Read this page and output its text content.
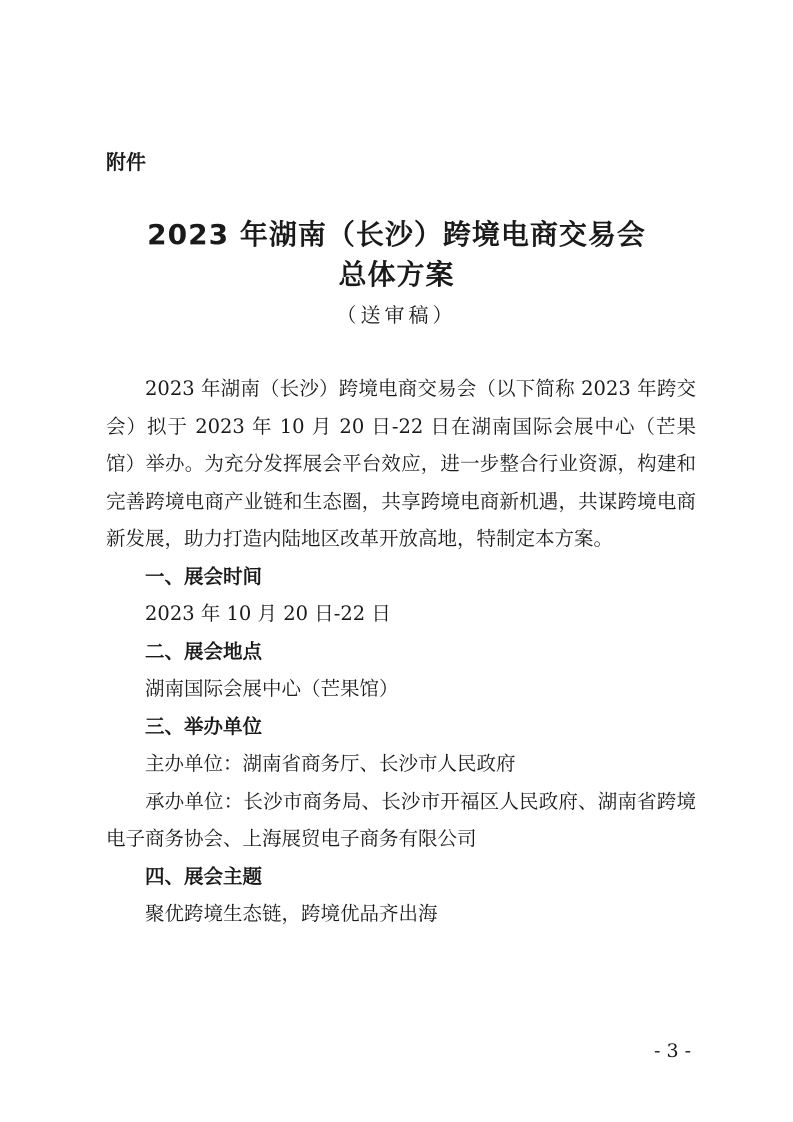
附件
2023 年湖南（长沙）跨境电商交易会
总体方案
（送审稿）

2023 年湖南（长沙）跨境电商交易会（以下简称 2023 年跨交会）拟于 2023 年 10 月 20 日-22 日在湖南国际会展中心（芒果馆）举办。为充分发挥展会平台效应，进一步整合行业资源，构建和完善跨境电商产业链和生态圈，共享跨境电商新机遇，共谋跨境电商新发展，助力打造内陆地区改革开放高地，特制定本方案。

一、展会时间

2023 年 10 月 20 日-22 日

二、展会地点

湖南国际会展中心（芒果馆）

三、举办单位

主办单位：湖南省商务厅、长沙市人民政府

承办单位：长沙市商务局、长沙市开福区人民政府、湖南省跨境电子商务协会、上海展贸电子商务有限公司

四、展会主题

聚优跨境生态链，跨境优品齐出海

- 3 -
